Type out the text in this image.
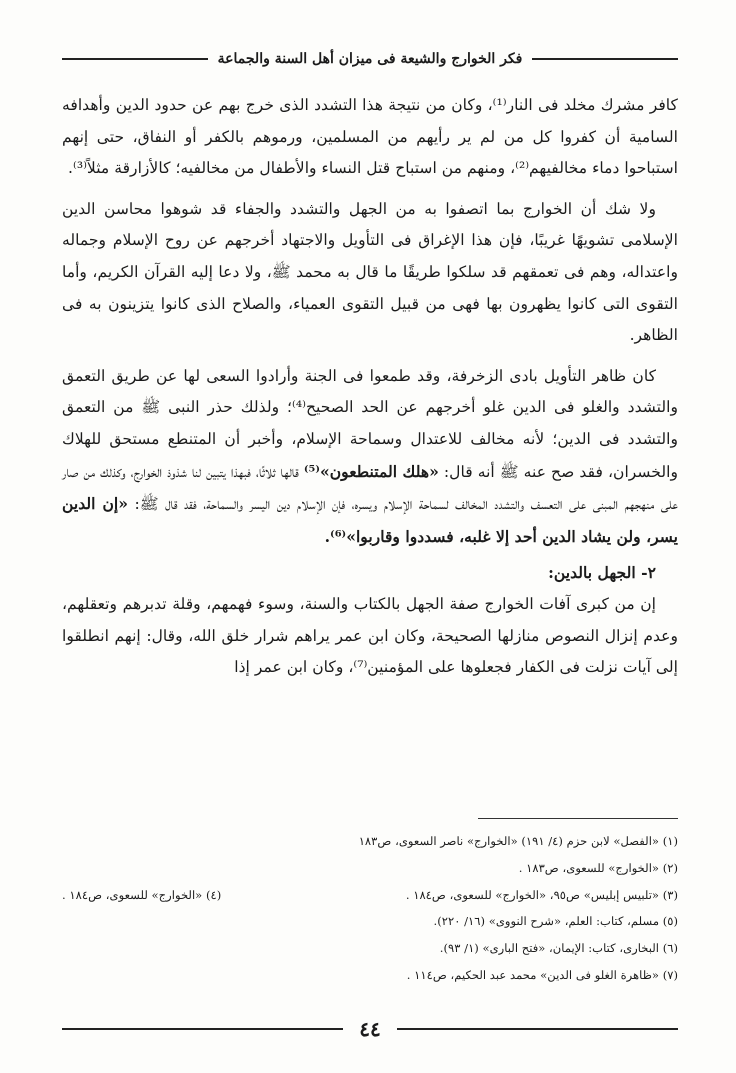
فكر الخوارج والشيعة فى ميزان أهل السنة والجماعة

كافر مشرك مخلد فى النار⁽¹⁾، وكان من نتيجة هذا التشدد الذى خرج بهم عن حدود الدين وأهدافه السامية أن كفروا كل من لم ير رأيهم من المسلمين، ورموهم بالكفر أو النفاق، حتى إنهم استباحوا دماء مخالفيهم⁽²⁾، ومنهم من استباح قتل النساء والأطفال من مخالفيه؛ كالأزارقة مثلاً⁽³⁾.

ولا شك أن الخوارج بما اتصفوا به من الجهل والتشدد والجفاء قد شوهوا محاسن الدين الإسلامى تشويهًا غريبًا، فإن هذا الإغراق فى التأويل والاجتهاد أخرجهم عن روح الإسلام وجماله واعتداله، وهم فى تعمقهم قد سلكوا طريقًا ما قال به محمد ﷺ، ولا دعا إليه القرآن الكريم، وأما التقوى التى كانوا يظهرون بها فهى من قبيل التقوى العمياء، والصلاح الذى كانوا يتزينون به فى الظاهر.

كان ظاهر التأويل بادى الزخرفة، وقد طمعوا فى الجنة وأرادوا السعى لها عن طريق التعمق والتشدد والغلو فى الدين غلو أخرجهم عن الحد الصحيح⁽⁴⁾؛ ولذلك حذر النبى ﷺ من التعمق والتشدد فى الدين؛ لأنه مخالف للاعتدال وسماحة الإسلام، وأخبر أن المتنطع مستحق للهلاك والخسران، فقد صح عنه ﷺ أنه قال: «هلك المتنطعون»⁽⁵⁾ قالها ثلاثًا، فبهذا يتبين لنا شذوذ الخوارج، وكذلك من صار على منهجهم المبنى على التعسف والتشدد المخالف لسماحة الإسلام ويسره، فإن الإسلام دين اليسر والسماحة، فقد قال ﷺ: «إن الدين يسر، ولن يشاد الدين أحد إلا غلبه، فسددوا وقاربوا»⁽⁶⁾.

٢- الجهل بالدين:

إن من كبرى آفات الخوارج صفة الجهل بالكتاب والسنة، وسوء فهمهم، وقلة تدبرهم وتعقلهم، وعدم إنزال النصوص منازلها الصحيحة، وكان ابن عمر يراهم شرار خلق الله، وقال: إنهم انطلقوا إلى آيات نزلت فى الكفار فجعلوها على المؤمنين⁽⁷⁾، وكان ابن عمر إذا

(١) «الفصل» لابن حزم (٤/ ١٩١) «الخوارج» ناصر السعوى، ص١٨٣
(٢) «الخوارج» للسعوى، ص١٨٣ .
(٣) «تلبيس إبليس» ص٩٥، «الخوارج» للسعوى، ص١٨٤ .
(٤) «الخوارج» للسعوى، ص١٨٤ .
(٥) مسلم، كتاب: العلم، «شرح النووى» (١٦/ ٢٢٠).
(٦) البخارى، كتاب: الإيمان، «فتح البارى» (١/ ٩٣).
(٧) «ظاهرة الغلو فى الدين» محمد عبد الحكيم، ص١١٤ .
٤٤
